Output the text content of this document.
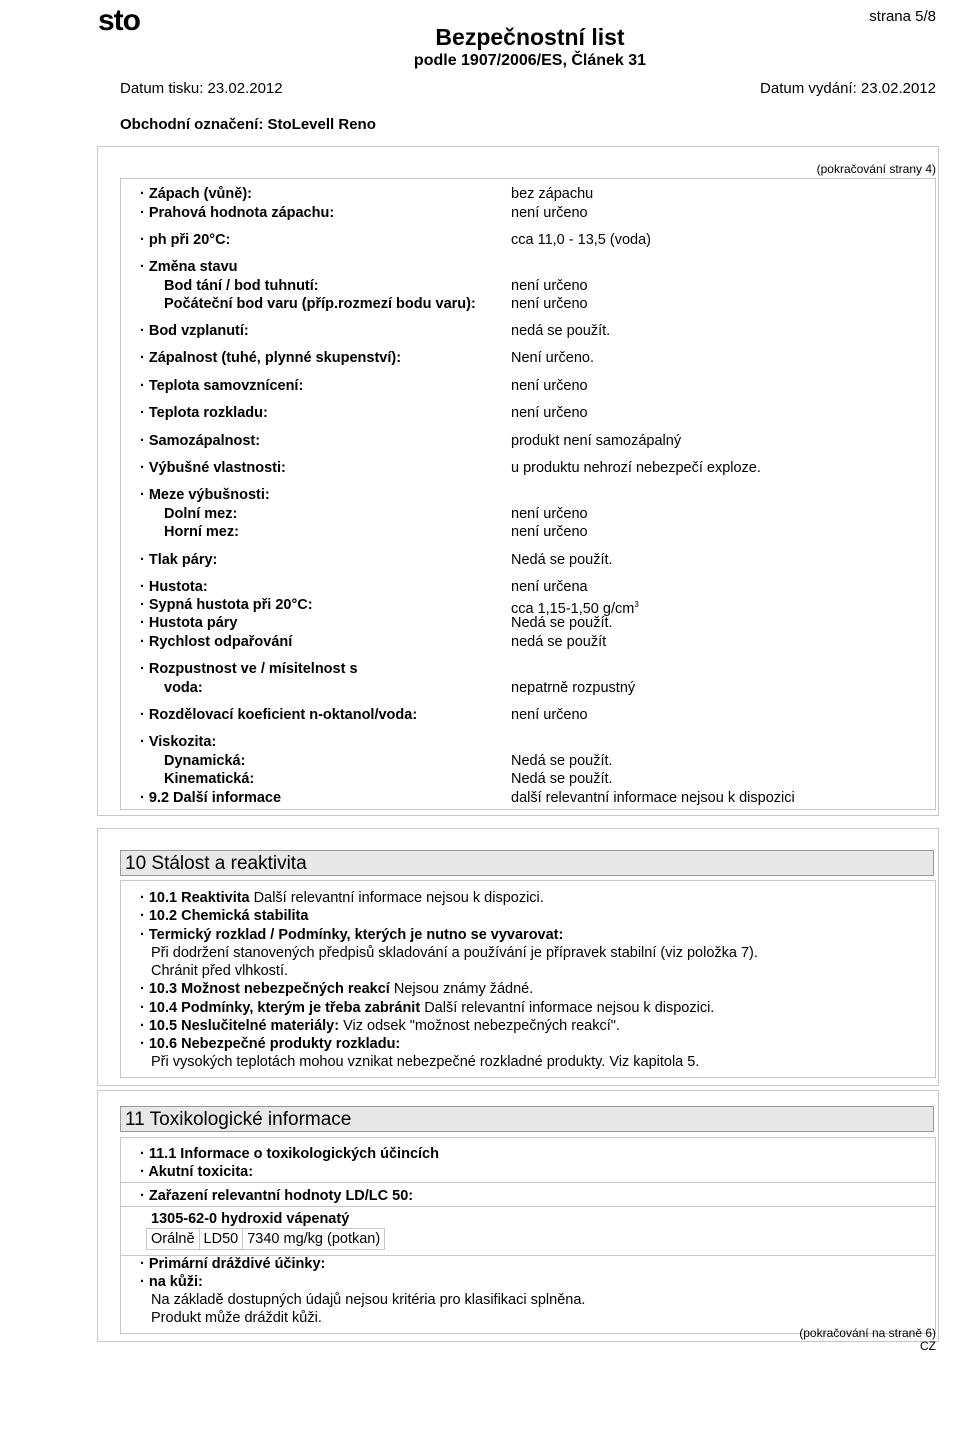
sto	strana 5/8
Bezpečnostní list
podle 1907/2006/ES, Článek 31
Datum tisku: 23.02.2012	Datum vydání: 23.02.2012
Obchodní označení: StoLevell Reno
(pokračování strany 4)
· Zápach (vůně):	bez zápachu
· Prahová hodnota zápachu:	není určeno
· ph při 20°C:	cca 11,0 - 13,5 (voda)
· Změna stavu
Bod tání / bod tuhnutí:	není určeno
Počáteční bod varu (příp.rozmezí bodu varu): není určeno
· Bod vzplanutí:	nedá se použít.
· Zápalnost (tuhé, plynné skupenství):	Není určeno.
· Teplota samovznícení:	není určeno
· Teplota rozkladu:	není určeno
· Samozápalnost:	produkt není samozápalný
· Výbušné vlastnosti:	u produktu nehrozí nebezpečí exploze.
· Meze výbušnosti:
Dolní mez:	není určeno
Horní mez:	není určeno
· Tlak páry:	Nedá se použít.
· Hustota:	není určena
· Sypná hustota při 20°C:	cca 1,15-1,50 $g/cm^3$
· Hustota páry	Nedá se použít.
· Rychlost odpařování	nedá se použít
· Rozpustnost ve / mísitelnost s
voda:	nepatrně rozpustný
· Rozdělovací koeficient n-oktanol/voda:	není určeno
· Viskozita:
Dynamická:	Nedá se použít.
Kinematická:	Nedá se použít.
· 9.2 Další informace	další relevantní informace nejsou k dispozici
10 Stálost a reaktivita
· 10.1 Reaktivita Další relevantní informace nejsou k dispozici.
· 10.2 Chemická stabilita
· Termický rozklad / Podmínky, kterých je nutno se vyvarovat:
Při dodržení stanovených předpisů skladování a používání je přípravek stabilní (viz položka 7).
Chránit před vlhkostí.
· 10.3 Možnost nebezpečných reakcí Nejsou známy žádné.
· 10.4 Podmínky, kterým je třeba zabránit Další relevantní informace nejsou k dispozici.
· 10.5 Neslučitelné materiály: Viz odsek "možnost nebezpečných reakcí".
· 10.6 Nebezpečné produkty rozkladu:
Při vysokých teplotách mohou vznikat nebezpečné rozkladné produkty. Viz kapitola 5.
11 Toxikologické informace
· 11.1 Informace o toxikologických účincích
· Akutní toxicita:
· Zařazení relevantní hodnoty LD/LC 50:
1305-62-0 hydroxid vápenatý
Orálně LD50 7340 mg/kg (potkan)
· Primární dráždivé účinky:
· na kůži:
Na základě dostupných údajů nejsou kritéria pro klasifikaci splněna.
Produkt může dráždit kůži.
(pokračování na straně 6)
CZ
